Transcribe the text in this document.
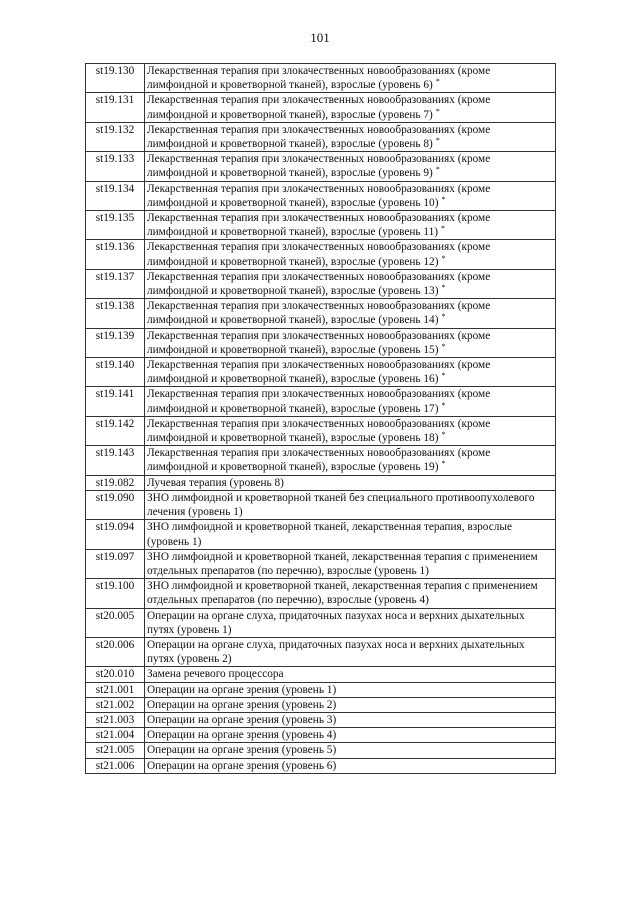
101
st19.130	Лекарственная терапия при злокачественных новообразованиях (кроме лимфоидной и кроветворной тканей), взрослые (уровень 6) *
st19.131	Лекарственная терапия при злокачественных новообразованиях (кроме лимфоидной и кроветворной тканей), взрослые (уровень 7) *
st19.132	Лекарственная терапия при злокачественных новообразованиях (кроме лимфоидной и кроветворной тканей), взрослые (уровень 8) *
st19.133	Лекарственная терапия при злокачественных новообразованиях (кроме лимфоидной и кроветворной тканей), взрослые (уровень 9) *
st19.134	Лекарственная терапия при злокачественных новообразованиях (кроме лимфоидной и кроветворной тканей), взрослые (уровень 10) *
st19.135	Лекарственная терапия при злокачественных новообразованиях (кроме лимфоидной и кроветворной тканей), взрослые (уровень 11) *
st19.136	Лекарственная терапия при злокачественных новообразованиях (кроме лимфоидной и кроветворной тканей), взрослые (уровень 12) *
st19.137	Лекарственная терапия при злокачественных новообразованиях (кроме лимфоидной и кроветворной тканей), взрослые (уровень 13) *
st19.138	Лекарственная терапия при злокачественных новообразованиях (кроме лимфоидной и кроветворной тканей), взрослые (уровень 14) *
st19.139	Лекарственная терапия при злокачественных новообразованиях (кроме лимфоидной и кроветворной тканей), взрослые (уровень 15) *
st19.140	Лекарственная терапия при злокачественных новообразованиях (кроме лимфоидной и кроветворной тканей), взрослые (уровень 16) *
st19.141	Лекарственная терапия при злокачественных новообразованиях (кроме лимфоидной и кроветворной тканей), взрослые (уровень 17) *
st19.142	Лекарственная терапия при злокачественных новообразованиях (кроме лимфоидной и кроветворной тканей), взрослые (уровень 18) *
st19.143	Лекарственная терапия при злокачественных новообразованиях (кроме лимфоидной и кроветворной тканей), взрослые (уровень 19) *
st19.082	Лучевая терапия (уровень 8)
st19.090	ЗНО лимфоидной и кроветворной тканей без специального противоопухолевого лечения (уровень 1)
st19.094	ЗНО лимфоидной и кроветворной тканей, лекарственная терапия, взрослые (уровень 1)
st19.097	ЗНО лимфоидной и кроветворной тканей, лекарственная терапия с применением отдельных препаратов (по перечню), взрослые (уровень 1)
st19.100	ЗНО лимфоидной и кроветворной тканей, лекарственная терапия с применением отдельных препаратов (по перечню), взрослые (уровень 4)
st20.005	Операции на органе слуха, придаточных пазухах носа и верхних дыхательных путях (уровень 1)
st20.006	Операции на органе слуха, придаточных пазухах носа и верхних дыхательных путях (уровень 2)
st20.010	Замена речевого процессора
st21.001	Операции на органе зрения (уровень 1)
st21.002	Операции на органе зрения (уровень 2)
st21.003	Операции на органе зрения (уровень 3)
st21.004	Операции на органе зрения (уровень 4)
st21.005	Операции на органе зрения (уровень 5)
st21.006	Операции на органе зрения (уровень 6)
